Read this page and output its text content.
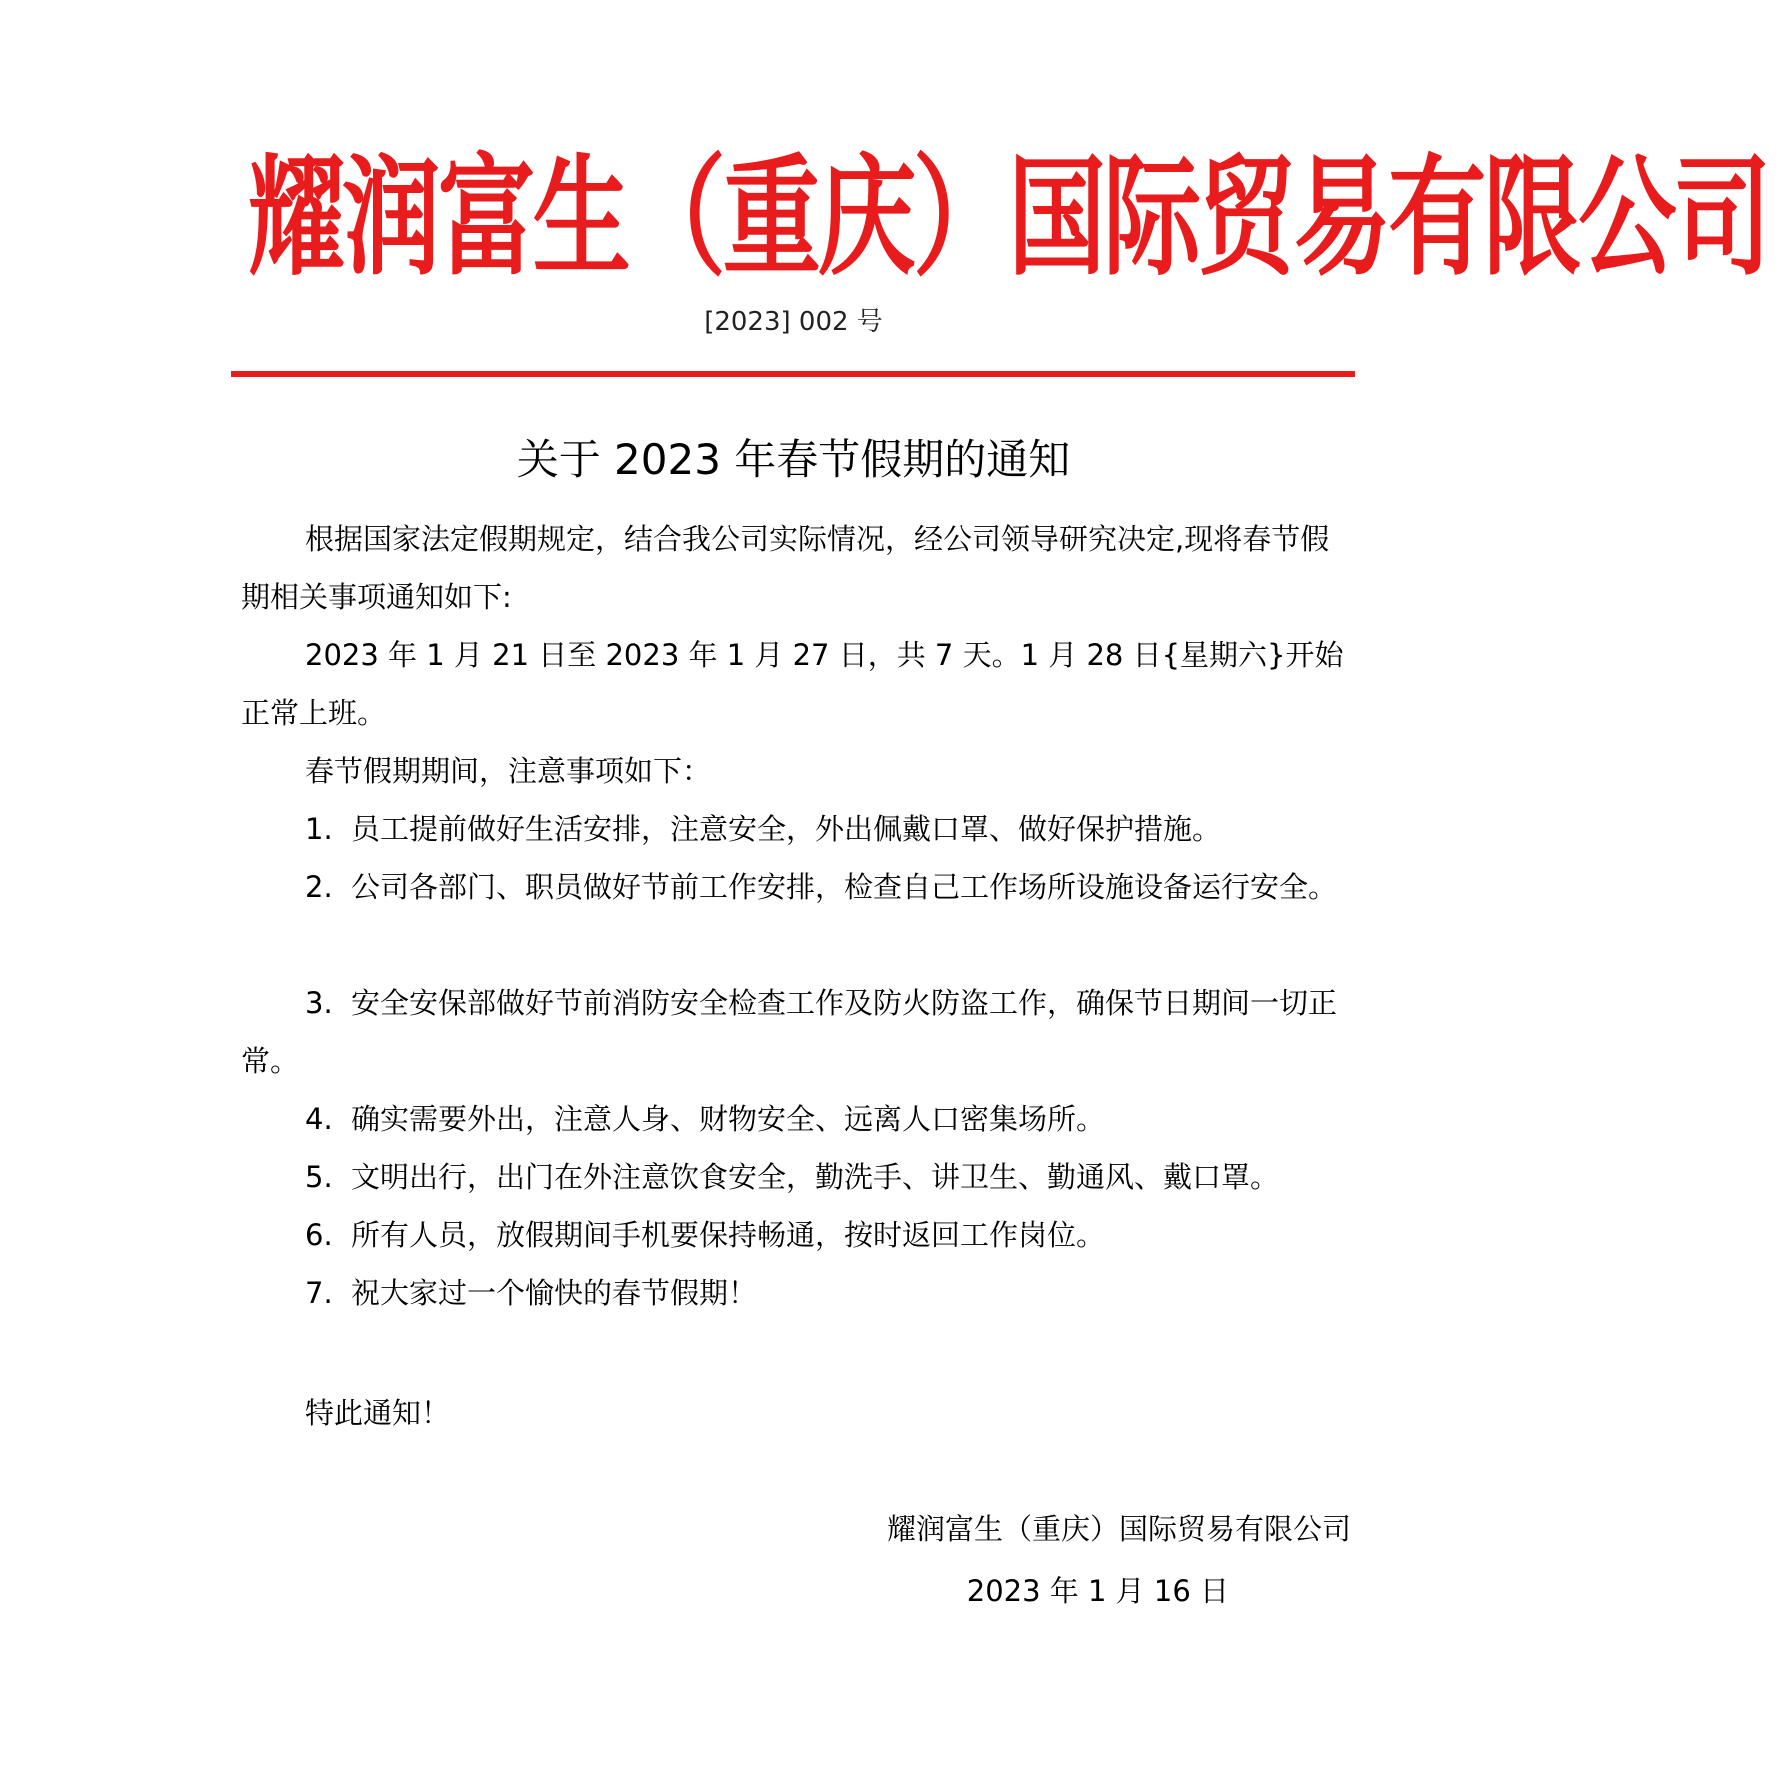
耀润富生（重庆）国际贸易有限公司
[2023] 002 号
关于 2023 年春节假期的通知

根据国家法定假期规定，结合我公司实际情况，经公司领导研究决定,现将春节假期相关事项通知如下:

2023 年 1 月 21 日至 2023 年 1 月 27 日，共 7 天。1 月 28 日{星期六}开始正常上班。

春节假期期间，注意事项如下：

1. 员工提前做好生活安排，注意安全，外出佩戴口罩、做好保护措施。

2. 公司各部门、职员做好节前工作安排，检查自己工作场所设施设备运行安全。

3. 安全安保部做好节前消防安全检查工作及防火防盗工作，确保节日期间一切正常。

4. 确实需要外出，注意人身、财物安全、远离人口密集场所。

5. 文明出行，出门在外注意饮食安全，勤洗手、讲卫生、勤通风、戴口罩。

6. 所有人员，放假期间手机要保持畅通，按时返回工作岗位。

7. 祝大家过一个愉快的春节假期！

特此通知！

耀润富生（重庆）国际贸易有限公司
2023 年 1 月 16 日
